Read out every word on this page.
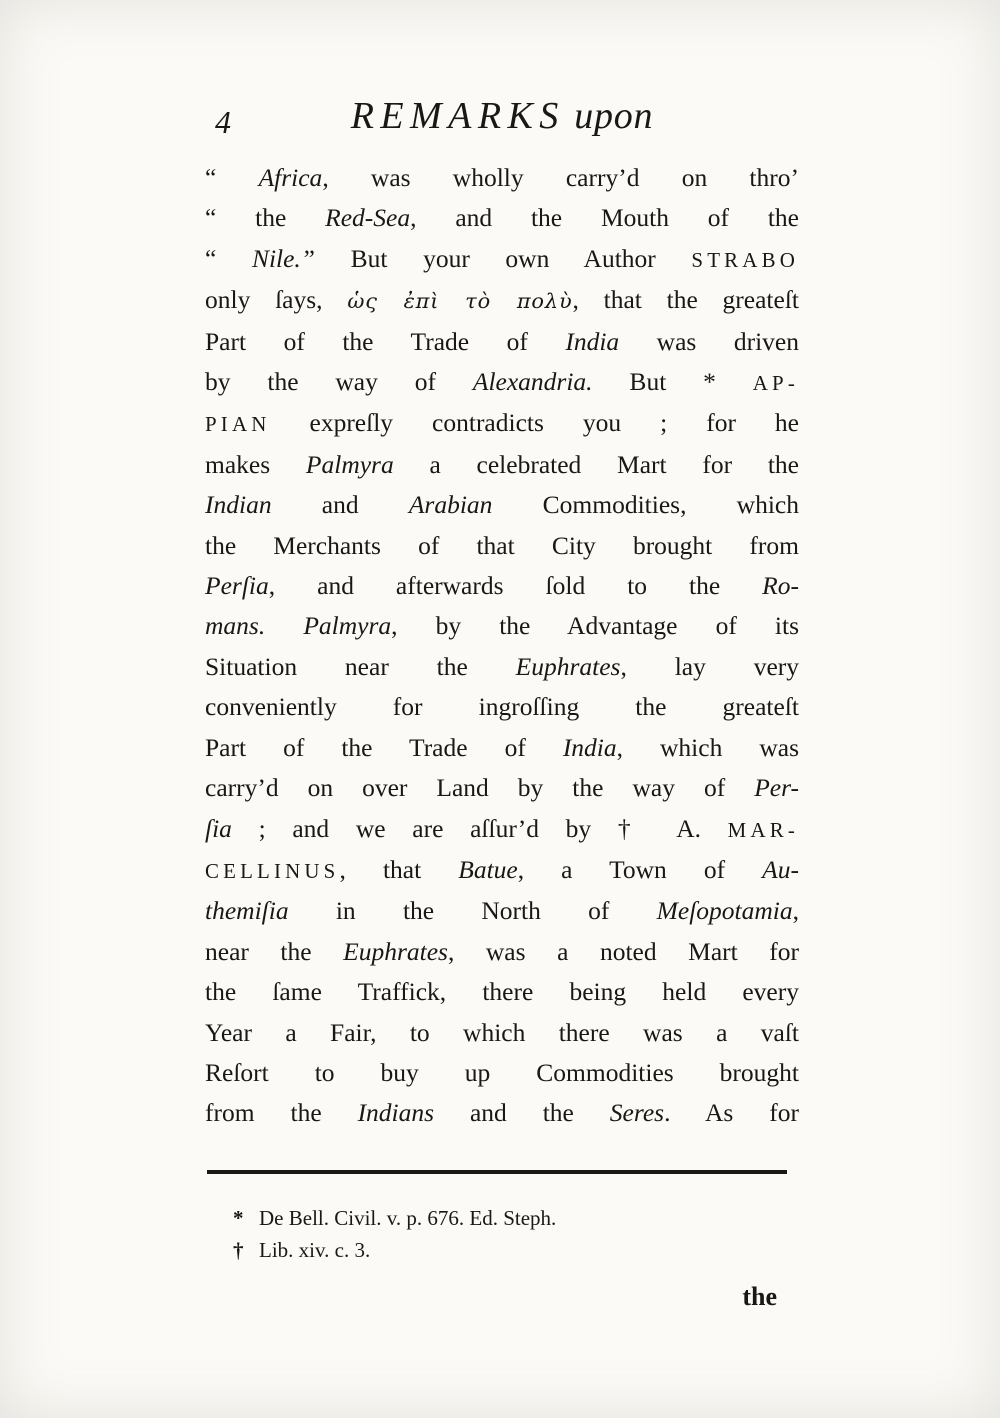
4	REMARKS upon
“ Africa, was wholly carry’d on thro’
“ the Red-Sea, and the Mouth of the
“ Nile.” But your own Author STRABO
only ſays, ὡς ἐπὶ τὸ πολὺ, that the greateſt
Part of the Trade of India was driven
by the way of Alexandria. But * AP-
PIAN expreſly contradicts you ; for he
makes Palmyra a celebrated Mart for the
Indian and Arabian Commodities, which
the Merchants of that City brought from
Perſia, and afterwards ſold to the Ro-
mans. Palmyra, by the Advantage of its
Situation near the Euphrates, lay very
conveniently for ingroſſing the greateſt
Part of the Trade of India, which was
carry’d on over Land by the way of Per-
ſia ; and we are aſſur’d by † A. MAR-
CELLINUS, that Batue, a Town of Au-
themiſia in the North of Meſopotamia,
near the Euphrates, was a noted Mart for
the ſame Traffick, there being held every
Year a Fair, to which there was a vaſt
Reſort to buy up Commodities brought
from the Indians and the Seres. As for
* De Bell. Civil. v. p. 676. Ed. Steph.
† Lib. xiv. c. 3.
the
